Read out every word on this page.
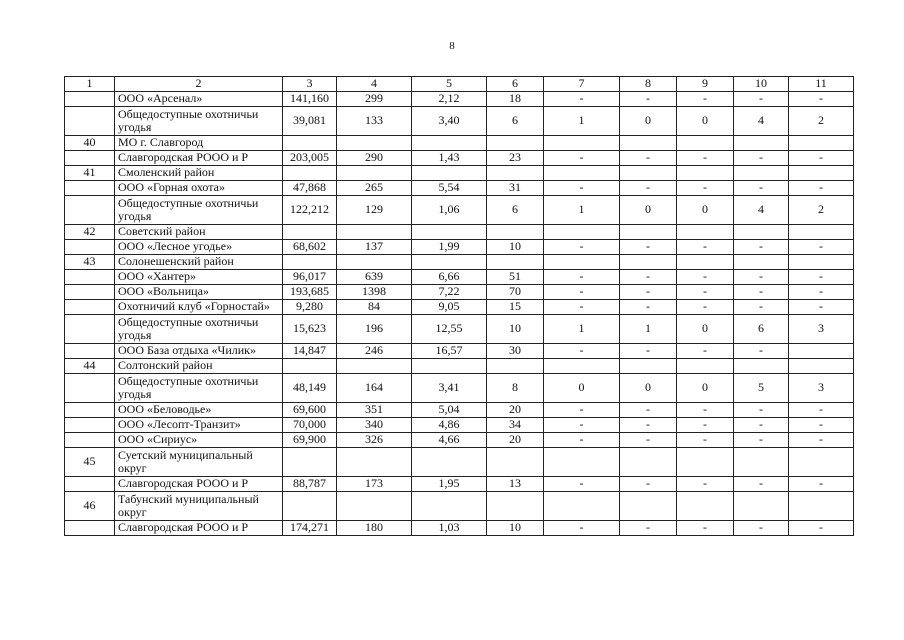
8
1	2	3	4	5	6	7	8	9	10	11
	ООО «Арсенал»	141,160	299	2,12	18	-	-	-	-	-
	Общедоступные охотничьи угодья	39,081	133	3,40	6	1	0	0	4	2
40	МО г. Славгород									
	Славгородская РООО и Р	203,005	290	1,43	23	-	-	-	-	-
41	Смоленский район									
	ООО «Горная охота»	47,868	265	5,54	31	-	-	-	-	-
	Общедоступные охотничьи угодья	122,212	129	1,06	6	1	0	0	4	2
42	Советский район									
	ООО «Лесное угодье»	68,602	137	1,99	10	-	-	-	-	-
43	Солонешенский район									
	ООО «Хантер»	96,017	639	6,66	51	-	-	-	-	-
	ООО «Вольница»	193,685	1398	7,22	70	-	-	-	-	-
	Охотничий клуб «Горностай»	9,280	84	9,05	15	-	-	-	-	-
	Общедоступные охотничьи угодья	15,623	196	12,55	10	1	1	0	6	3
	ООО База отдыха «Чилик»	14,847	246	16,57	30	-	-	-	-	
44	Солтонский район									
	Общедоступные охотничьи угодья	48,149	164	3,41	8	0	0	0	5	3
	ООО «Беловодье»	69,600	351	5,04	20	-	-	-	-	-
	ООО «Лесопт-Транзит»	70,000	340	4,86	34	-	-	-	-	-
	ООО «Сириус»	69,900	326	4,66	20	-	-	-	-	-
45	Суетский муниципальный округ									
	Славгородская РООО и Р	88,787	173	1,95	13	-	-	-	-	-
46	Табунский муниципальный округ									
	Славгородская РООО и Р	174,271	180	1,03	10	-	-	-	-	-
